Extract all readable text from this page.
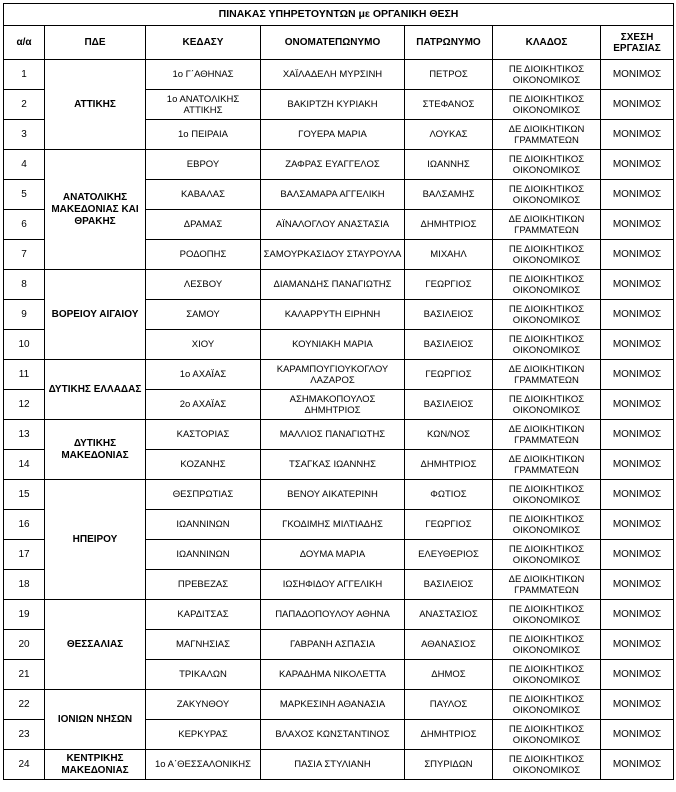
ΠΙΝΑΚΑΣ ΥΠΗΡΕΤΟΥΝΤΩΝ με ΟΡΓΑΝΙΚΗ ΘΕΣΗ						
α/α	ΠΔΕ	ΚΕΔΑΣΥ	ΟΝΟΜΑΤΕΠΩΝΥΜΟ	ΠΑΤΡΩΝΥΜΟ	ΚΛΑΔΟΣ	ΣΧΕΣΗ ΕΡΓΑΣΙΑΣ
1	ΑΤΤΙΚΗΣ	1ο Γ΄ΑΘΗΝΑΣ	ΧΑΪΛΑΔΕΛΗ ΜΥΡΣΙΝΗ	ΠΕΤΡΟΣ	ΠΕ ΔΙΟΙΚΗΤΙΚΟΣ ΟΙΚΟΝΟΜΙΚΟΣ	ΜΟΝΙΜΟΣ
2		1ο ΑΝΑΤΟΛΙΚΗΣ ΑΤΤΙΚΗΣ	ΒΑΚΙΡΤΖΗ ΚΥΡΙΑΚΗ	ΣΤΕΦΑΝΟΣ	ΠΕ ΔΙΟΙΚΗΤΙΚΟΣ ΟΙΚΟΝΟΜΙΚΟΣ	ΜΟΝΙΜΟΣ
3		1ο ΠΕΙΡΑΙΑ	ΓΟΥΕΡΑ ΜΑΡΙΑ	ΛΟΥΚΑΣ	ΔΕ ΔΙΟΙΚΗΤΙΚΩΝ ΓΡΑΜΜΑΤΕΩΝ	ΜΟΝΙΜΟΣ
4	ΑΝΑΤΟΛΙΚΗΣ ΜΑΚΕΔΟΝΙΑΣ ΚΑΙ ΘΡΑΚΗΣ	ΕΒΡΟΥ	ΖΑΦΡΑΣ ΕΥΑΓΓΕΛΟΣ	ΙΩΑΝΝΗΣ	ΠΕ ΔΙΟΙΚΗΤΙΚΟΣ ΟΙΚΟΝΟΜΙΚΟΣ	ΜΟΝΙΜΟΣ
5		ΚΑΒΑΛΑΣ	ΒΑΛΣΑΜΑΡΑ ΑΓΓΕΛΙΚΗ	ΒΑΛΣΑΜΗΣ	ΠΕ ΔΙΟΙΚΗΤΙΚΟΣ ΟΙΚΟΝΟΜΙΚΟΣ	ΜΟΝΙΜΟΣ
6		ΔΡΑΜΑΣ	ΑΪΝΑΛΟΓΛΟΥ ΑΝΑΣΤΑΣΙΑ	ΔΗΜΗΤΡΙΟΣ	ΔΕ ΔΙΟΙΚΗΤΙΚΩΝ ΓΡΑΜΜΑΤΕΩΝ	ΜΟΝΙΜΟΣ
7		ΡΟΔΟΠΗΣ	ΣΑΜΟΥΡΚΑΣΙΔΟΥ ΣΤΑΥΡΟΥΛΑ	ΜΙΧΑΗΛ	ΠΕ ΔΙΟΙΚΗΤΙΚΟΣ ΟΙΚΟΝΟΜΙΚΟΣ	ΜΟΝΙΜΟΣ
8	ΒΟΡΕΙΟΥ ΑΙΓΑΙΟΥ	ΛΕΣΒΟΥ	ΔΙΑΜΑΝΔΗΣ ΠΑΝΑΓΙΩΤΗΣ	ΓΕΩΡΓΙΟΣ	ΠΕ ΔΙΟΙΚΗΤΙΚΟΣ ΟΙΚΟΝΟΜΙΚΟΣ	ΜΟΝΙΜΟΣ
9		ΣΑΜΟΥ	ΚΑΛΑΡΡΥΤΗ ΕΙΡΗΝΗ	ΒΑΣΙΛΕΙΟΣ	ΠΕ ΔΙΟΙΚΗΤΙΚΟΣ ΟΙΚΟΝΟΜΙΚΟΣ	ΜΟΝΙΜΟΣ
10		ΧΙΟΥ	ΚΟΥΝΙΑΚΗ ΜΑΡΙΑ	ΒΑΣΙΛΕΙΟΣ	ΠΕ ΔΙΟΙΚΗΤΙΚΟΣ ΟΙΚΟΝΟΜΙΚΟΣ	ΜΟΝΙΜΟΣ
11	ΔΥΤΙΚΗΣ ΕΛΛΑΔΑΣ	1ο ΑΧΑΪΑΣ	ΚΑΡΑΜΠΟΥΓΙΟΥΚΟΓΛΟΥ ΛΑΖΑΡΟΣ	ΓΕΩΡΓΙΟΣ	ΔΕ ΔΙΟΙΚΗΤΙΚΩΝ ΓΡΑΜΜΑΤΕΩΝ	ΜΟΝΙΜΟΣ
12		2ο ΑΧΑΪΑΣ	ΑΣΗΜΑΚΟΠΟΥΛΟΣ ΔΗΜΗΤΡΙΟΣ	ΒΑΣΙΛΕΙΟΣ	ΠΕ ΔΙΟΙΚΗΤΙΚΟΣ ΟΙΚΟΝΟΜΙΚΟΣ	ΜΟΝΙΜΟΣ
13	ΔΥΤΙΚΗΣ ΜΑΚΕΔΟΝΙΑΣ	ΚΑΣΤΟΡΙΑΣ	ΜΑΛΛΙΟΣ ΠΑΝΑΓΙΩΤΗΣ	ΚΩΝ/ΝΟΣ	ΔΕ ΔΙΟΙΚΗΤΙΚΩΝ ΓΡΑΜΜΑΤΕΩΝ	ΜΟΝΙΜΟΣ
14		ΚΟΖΑΝΗΣ	ΤΣΑΓΚΑΣ ΙΩΑΝΝΗΣ	ΔΗΜΗΤΡΙΟΣ	ΔΕ ΔΙΟΙΚΗΤΙΚΩΝ ΓΡΑΜΜΑΤΕΩΝ	ΜΟΝΙΜΟΣ
15	ΗΠΕΙΡΟΥ	ΘΕΣΠΡΩΤΙΑΣ	ΒΕΝΟΥ ΑΙΚΑΤΕΡΙΝΗ	ΦΩΤΙΟΣ	ΠΕ ΔΙΟΙΚΗΤΙΚΟΣ ΟΙΚΟΝΟΜΙΚΟΣ	ΜΟΝΙΜΟΣ
16		ΙΩΑΝΝΙΝΩΝ	ΓΚΟΔΙΜΗΣ ΜΙΛΤΙΑΔΗΣ	ΓΕΩΡΓΙΟΣ	ΠΕ ΔΙΟΙΚΗΤΙΚΟΣ ΟΙΚΟΝΟΜΙΚΟΣ	ΜΟΝΙΜΟΣ
17		ΙΩΑΝΝΙΝΩΝ	ΔΟΥΜΑ ΜΑΡΙΑ	ΕΛΕΥΘΕΡΙΟΣ	ΠΕ ΔΙΟΙΚΗΤΙΚΟΣ ΟΙΚΟΝΟΜΙΚΟΣ	ΜΟΝΙΜΟΣ
18		ΠΡΕΒΕΖΑΣ	ΙΩΣΗΦΙΔΟΥ ΑΓΓΕΛΙΚΗ	ΒΑΣΙΛΕΙΟΣ	ΔΕ ΔΙΟΙΚΗΤΙΚΩΝ ΓΡΑΜΜΑΤΕΩΝ	ΜΟΝΙΜΟΣ
19	ΘΕΣΣΑΛΙΑΣ	ΚΑΡΔΙΤΣΑΣ	ΠΑΠΑΔΟΠΟΥΛΟΥ ΑΘΗΝΑ	ΑΝΑΣΤΑΣΙΟΣ	ΠΕ ΔΙΟΙΚΗΤΙΚΟΣ ΟΙΚΟΝΟΜΙΚΟΣ	ΜΟΝΙΜΟΣ
20		ΜΑΓΝΗΣΙΑΣ	ΓΑΒΡΑΝΗ ΑΣΠΑΣΙΑ	ΑΘΑΝΑΣΙΟΣ	ΠΕ ΔΙΟΙΚΗΤΙΚΟΣ ΟΙΚΟΝΟΜΙΚΟΣ	ΜΟΝΙΜΟΣ
21		ΤΡΙΚΑΛΩΝ	ΚΑΡΑΔΗΜΑ ΝΙΚΟΛΕΤΤΑ	ΔΗΜΟΣ	ΠΕ ΔΙΟΙΚΗΤΙΚΟΣ ΟΙΚΟΝΟΜΙΚΟΣ	ΜΟΝΙΜΟΣ
22	ΙΟΝΙΩΝ ΝΗΣΩΝ	ΖΑΚΥΝΘΟΥ	ΜΑΡΚΕΣΙΝΗ ΑΘΑΝΑΣΙΑ	ΠΑΥΛΟΣ	ΠΕ ΔΙΟΙΚΗΤΙΚΟΣ ΟΙΚΟΝΟΜΙΚΟΣ	ΜΟΝΙΜΟΣ
23		ΚΕΡΚΥΡΑΣ	ΒΛΑΧΟΣ ΚΩΝΣΤΑΝΤΙΝΟΣ	ΔΗΜΗΤΡΙΟΣ	ΠΕ ΔΙΟΙΚΗΤΙΚΟΣ ΟΙΚΟΝΟΜΙΚΟΣ	ΜΟΝΙΜΟΣ
24	ΚΕΝΤΡΙΚΗΣ ΜΑΚΕΔΟΝΙΑΣ	1ο Α΄ΘΕΣΣΑΛΟΝΙΚΗΣ	ΠΑΣΙΑ ΣΤΥΛΙΑΝΗ	ΣΠΥΡΙΔΩΝ	ΠΕ ΔΙΟΙΚΗΤΙΚΟΣ ΟΙΚΟΝΟΜΙΚΟΣ	ΜΟΝΙΜΟΣ
